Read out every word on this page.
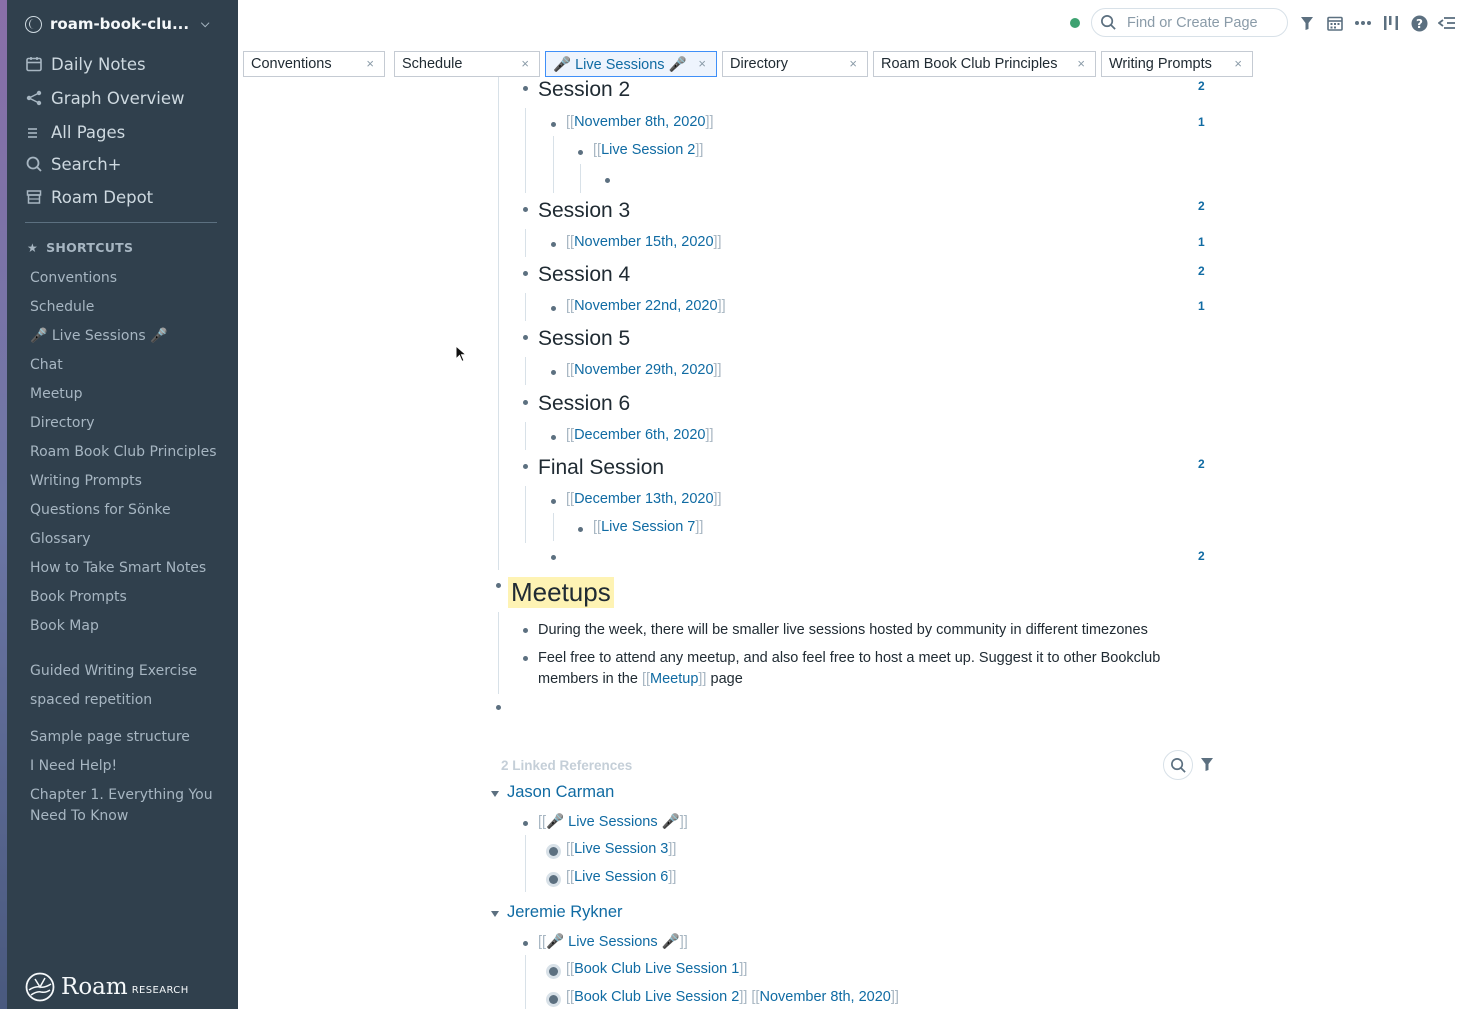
roam-book-clu... ⌵
Daily Notes
Graph Overview
All Pages
Search+
Roam Depot
★ SHORTCUTS
Conventions
Schedule
🎤 Live Sessions 🎤
Chat
Meetup
Directory
Roam Book Club Principles
Writing Prompts
Questions for Sönke
Glossary
How to Take Smart Notes
Book Prompts
Book Map
Guided Writing Exercise
spaced repetition
Sample page structure
I Need Help!
Chapter 1. Everything You Need To Know
Roam RESEARCH
Find or Create Page
?
Conventions	× Schedule	× 🎤 Live Sessions 🎤 × Directory	× Roam Book Club Principles × Writing Prompts ×
Session 2	2
[[ November 8th, 2020 ]]	1
[[ Live Session 2 ]]
Session 3	2
[[ November 15th, 2020 ]]	1
Session 4	2
[[ November 22nd, 2020 ]]	1
Session 5
[[ November 29th, 2020 ]]
Session 6
[[ December 6th, 2020 ]]
Final Session	2
[[ December 13th, 2020 ]]
[[ Live Session 7 ]]
2
Meetups
During the week, there will be smaller live sessions hosted by community in different timezones
Feel free to attend any meetup, and also feel free to host a meet up. Suggest it to other Bookclub
members in the [[Meetup]] page
2 Linked References
Jason Carman
[[ 🎤 Live Sessions 🎤 ]]
[[ Live Session 3 ]]
[[ Live Session 6 ]]
Jeremie Rykner
[[ 🎤 Live Sessions 🎤 ]]
[[ Book Club Live Session 1 ]]
[[ Book Club Live Session 2 ]]
[[ November 8th, 2020 ]]
